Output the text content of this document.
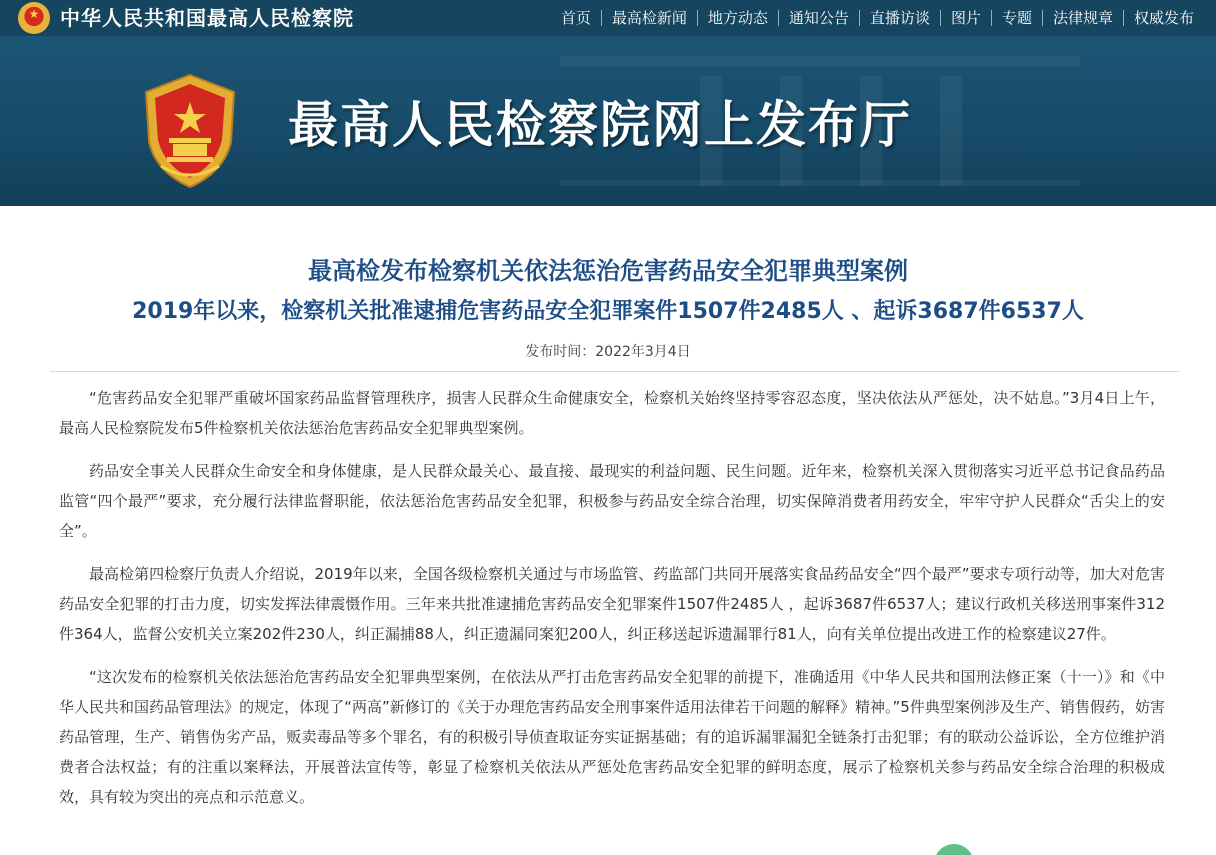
★	中华人民共和国最高人民检察院	首页	最高检新闻	地方动态	通知公告	直播访谈	图片	专题	法律规章	权威发布
最高人民检察院网上发布厅
最高检发布检察机关依法惩治危害药品安全犯罪典型案例
2019年以来，检察机关批准逮捕危害药品安全犯罪案件1507件2485人 、起诉3687件6537人
发布时间：2022年3月4日

“危害药品安全犯罪严重破坏国家药品监督管理秩序，损害人民群众生命健康安全，检察机关始终坚持零容忍态度，坚决依法从严惩处，决不姑息。”3月4日上午，最高人民检察院发布5件检察机关依法惩治危害药品安全犯罪典型案例。

药品安全事关人民群众生命安全和身体健康，是人民群众最关心、最直接、最现实的利益问题、民生问题。近年来，检察机关深入贯彻落实习近平总书记食品药品监管“四个最严”要求，充分履行法律监督职能，依法惩治危害药品安全犯罪，积极参与药品安全综合治理，切实保障消费者用药安全，牢牢守护人民群众“舌尖上的安全”。

最高检第四检察厅负责人介绍说，2019年以来，全国各级检察机关通过与市场监管、药监部门共同开展落实食品药品安全“四个最严”要求专项行动等，加大对危害药品安全犯罪的打击力度，切实发挥法律震慑作用。三年来共批准逮捕危害药品安全犯罪案件1507件2485人 ，起诉3687件6537人；建议行政机关移送刑事案件312件364人，监督公安机关立案202件230人，纠正漏捕88人，纠正遗漏同案犯200人，纠正移送起诉遗漏罪行81人，向有关单位提出改进工作的检察建议27件。

“这次发布的检察机关依法惩治危害药品安全犯罪典型案例，在依法从严打击危害药品安全犯罪的前提下，准确适用《中华人民共和国刑法修正案（十一）》和《中华人民共和国药品管理法》的规定，体现了“两高”新修订的《关于办理危害药品安全刑事案件适用法律若干问题的解释》精神。”5件典型案例涉及生产、销售假药，妨害药品管理，生产、销售伪劣产品，贩卖毒品等多个罪名，有的积极引导侦查取证夯实证据基础；有的追诉漏罪漏犯全链条打击犯罪；有的联动公益诉讼，全方位维护消费者合法权益；有的注重以案释法，开展普法宣传等，彰显了检察机关依法从严惩处危害药品安全犯罪的鲜明态度，展示了检察机关参与药品安全综合治理的积极成效，具有较为突出的亮点和示范意义。
